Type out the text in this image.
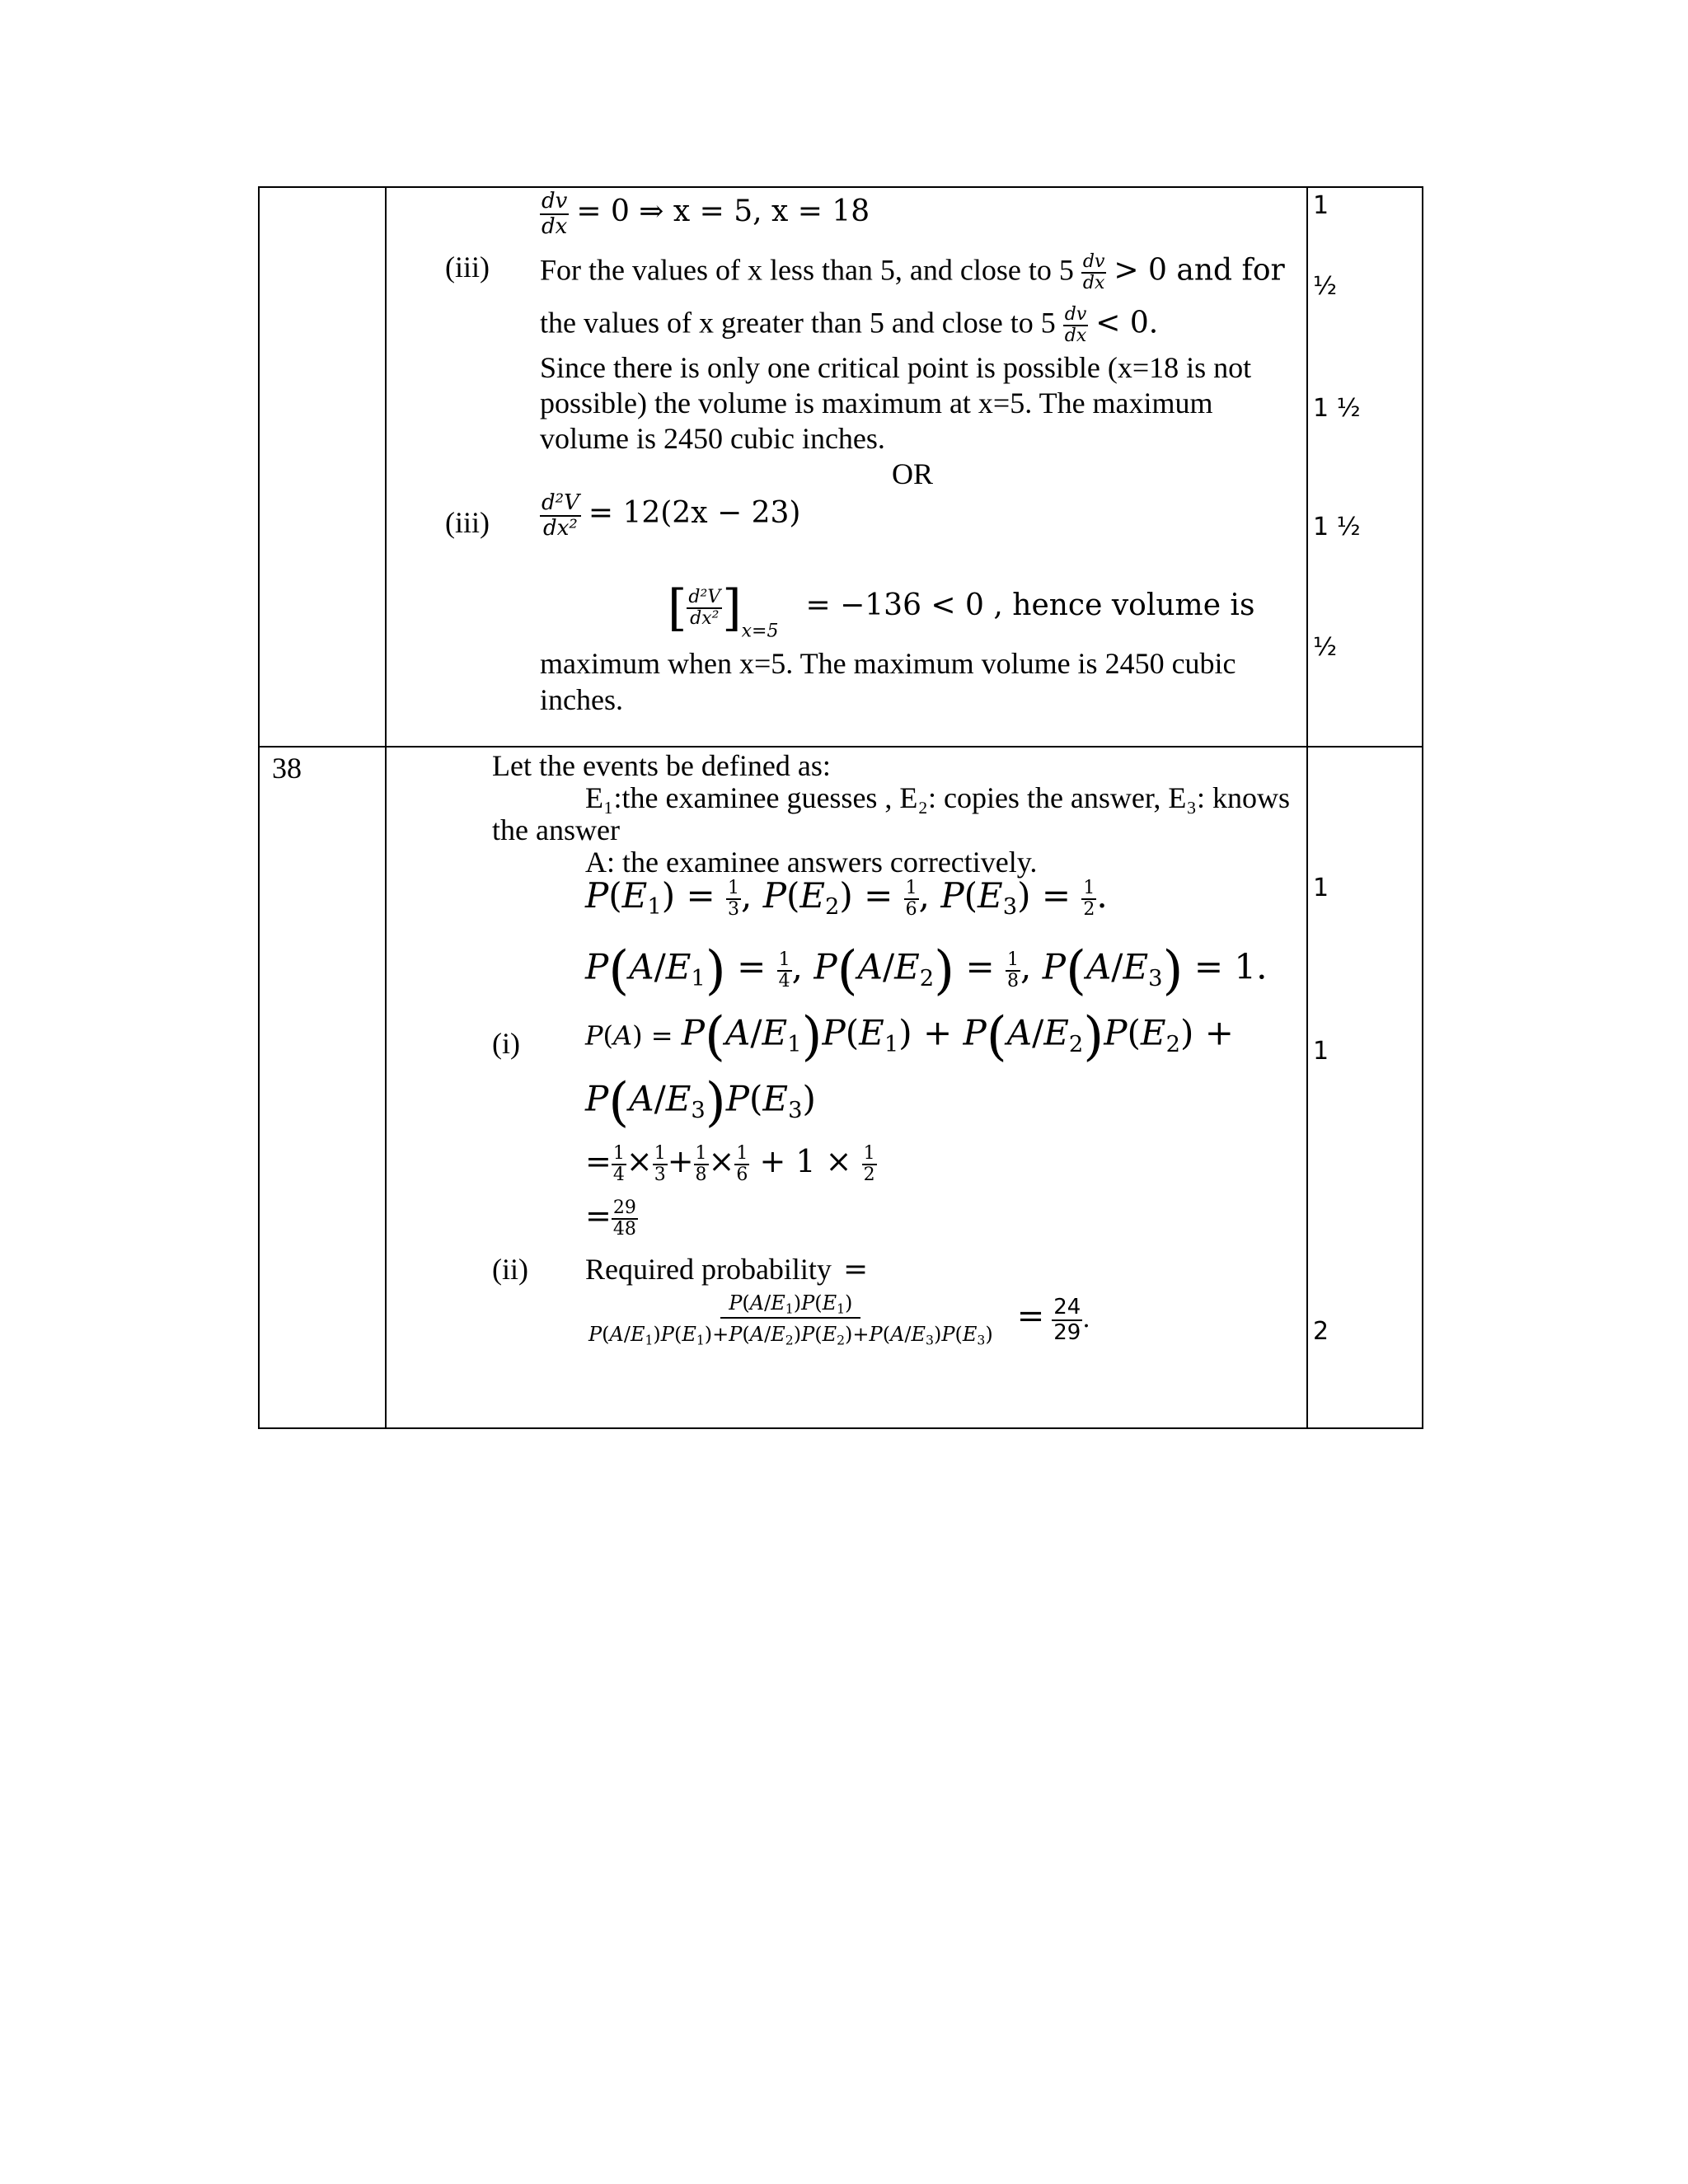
$\frac{dv}{dx} = 0$ ⇒ x = 5, x = 18
(iii) For the values of x less than 5, and close to $5 \frac{dv}{dx} > 0$ and for
the values of x greater than 5 and close to $5 \frac{dv}{dx} < 0$.
Since there is only one critical point is possible (x=18 is not
possible) the volume is maximum at x=5. The maximum
volume is 2450 cubic inches.
OR
$(iii) \frac{\text{d²V}}{\text{dx²}} = 12(2x - 23)$
[ $\frac{\text{d²V}}{\text{dx²}} ]_{x=5} = -136 < 0$ , hence volume is
maximum when x=5. The maximum volume is 2450 cubic
inches.
1
½
1 ½
1 ½
½
38	Let the events be defined as:
E₁:the examinee guesses , E₂: copies the answer, E₃: knows
the answer
A: the examinee answers correctively.
$P(E_1) = \frac{1}{3}$ , $P(E_2) = \frac{1}{6}$ , $P(E_3) = \frac{1}{2}$ .
$P(A/E_1) = \frac{1}{4}$ , $P(A/E_2) = \frac{1}{8}$ , $P(A/E_3) = 1$.
(i) $P(A) = P(A/E_1)P(E_1) + P(A/E_2)P(E_2)$ +
$P(A/E_3)P(E_3)$
= $\frac{1}{4} \times \frac{1}{3} + \frac{1}{8} \times \frac{1}{6} + 1 \times \frac{1}{2}$
= $\frac{29}{48}$
(ii) Required probability =
$\frac{P(A/E_1)P(E_1)}{P(A/E_1)P(E_1)+P(A/E_2)P(E_2)+P(A/E_3)P(E_3)} = \frac{24}{29}$ .
1
1
2
